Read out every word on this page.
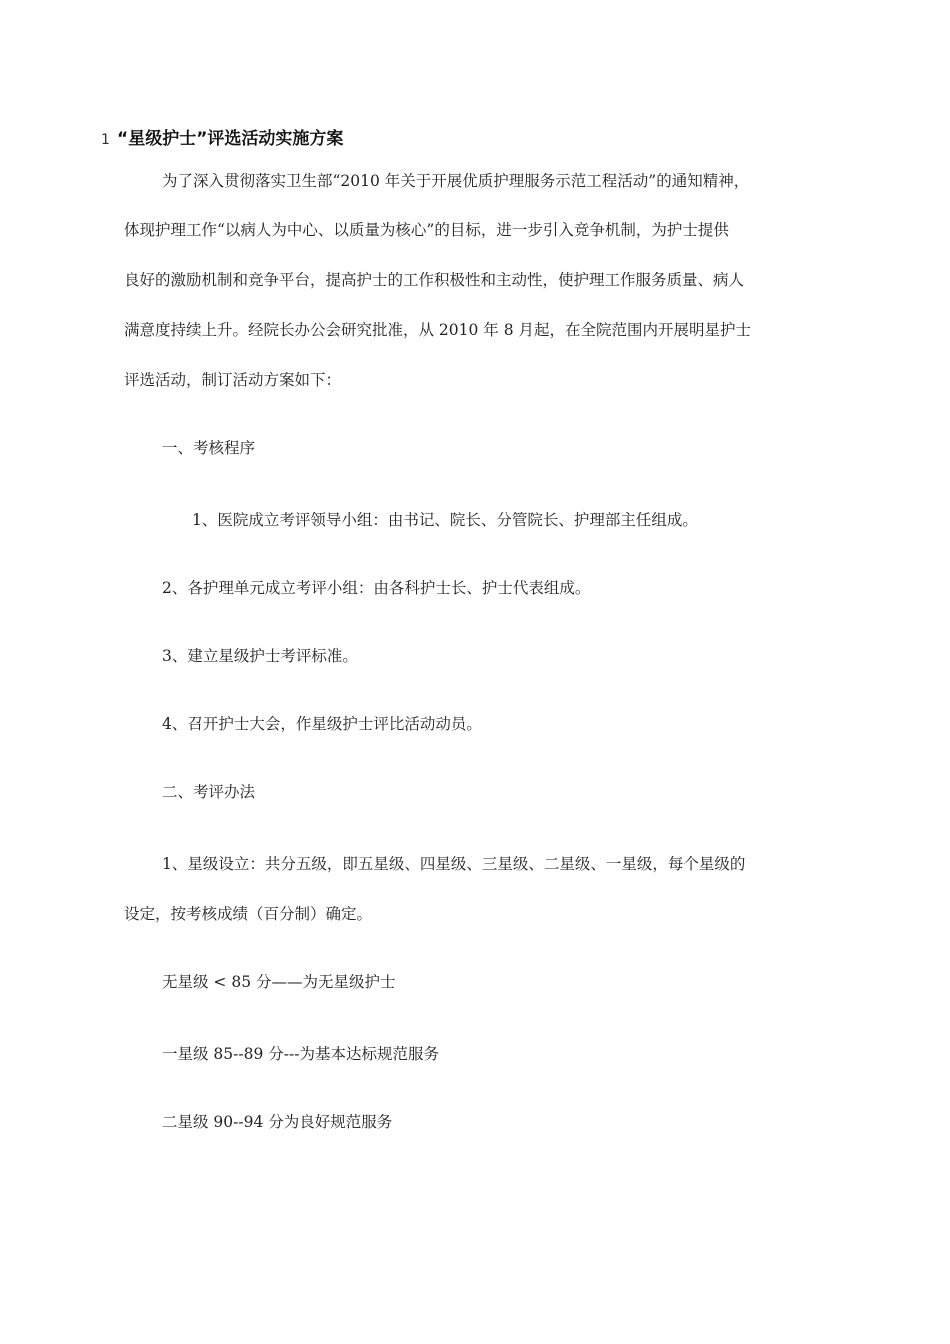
1 “星级护士”评选活动实施方案
为了深入贯彻落实卫生部“2010 年关于开展优质护理服务示范工程活动”的通知精神，
体现护理工作“以病人为中心、以质量为核心”的目标，进一步引入竞争机制，为护士提供
良好的激励机制和竞争平台，提高护士的工作积极性和主动性，使护理工作服务质量、病人
满意度持续上升。经院长办公会研究批准，从 2010 年 8 月起，在全院范围内开展明星护士
评选活动，制订活动方案如下：
一、考核程序
1、医院成立考评领导小组：由书记、院长、分管院长、护理部主任组成。
2、各护理单元成立考评小组：由各科护士长、护士代表组成。
3、建立星级护士考评标准。
4、召开护士大会，作星级护士评比活动动员。
二、考评办法
1、星级设立：共分五级，即五星级、四星级、三星级、二星级、一星级，每个星级的
设定，按考核成绩（百分制）确定。
无星级 < 85 分——为无星级护士
一星级 85--89 分---为基本达标规范服务
二星级 90--94 分为良好规范服务
